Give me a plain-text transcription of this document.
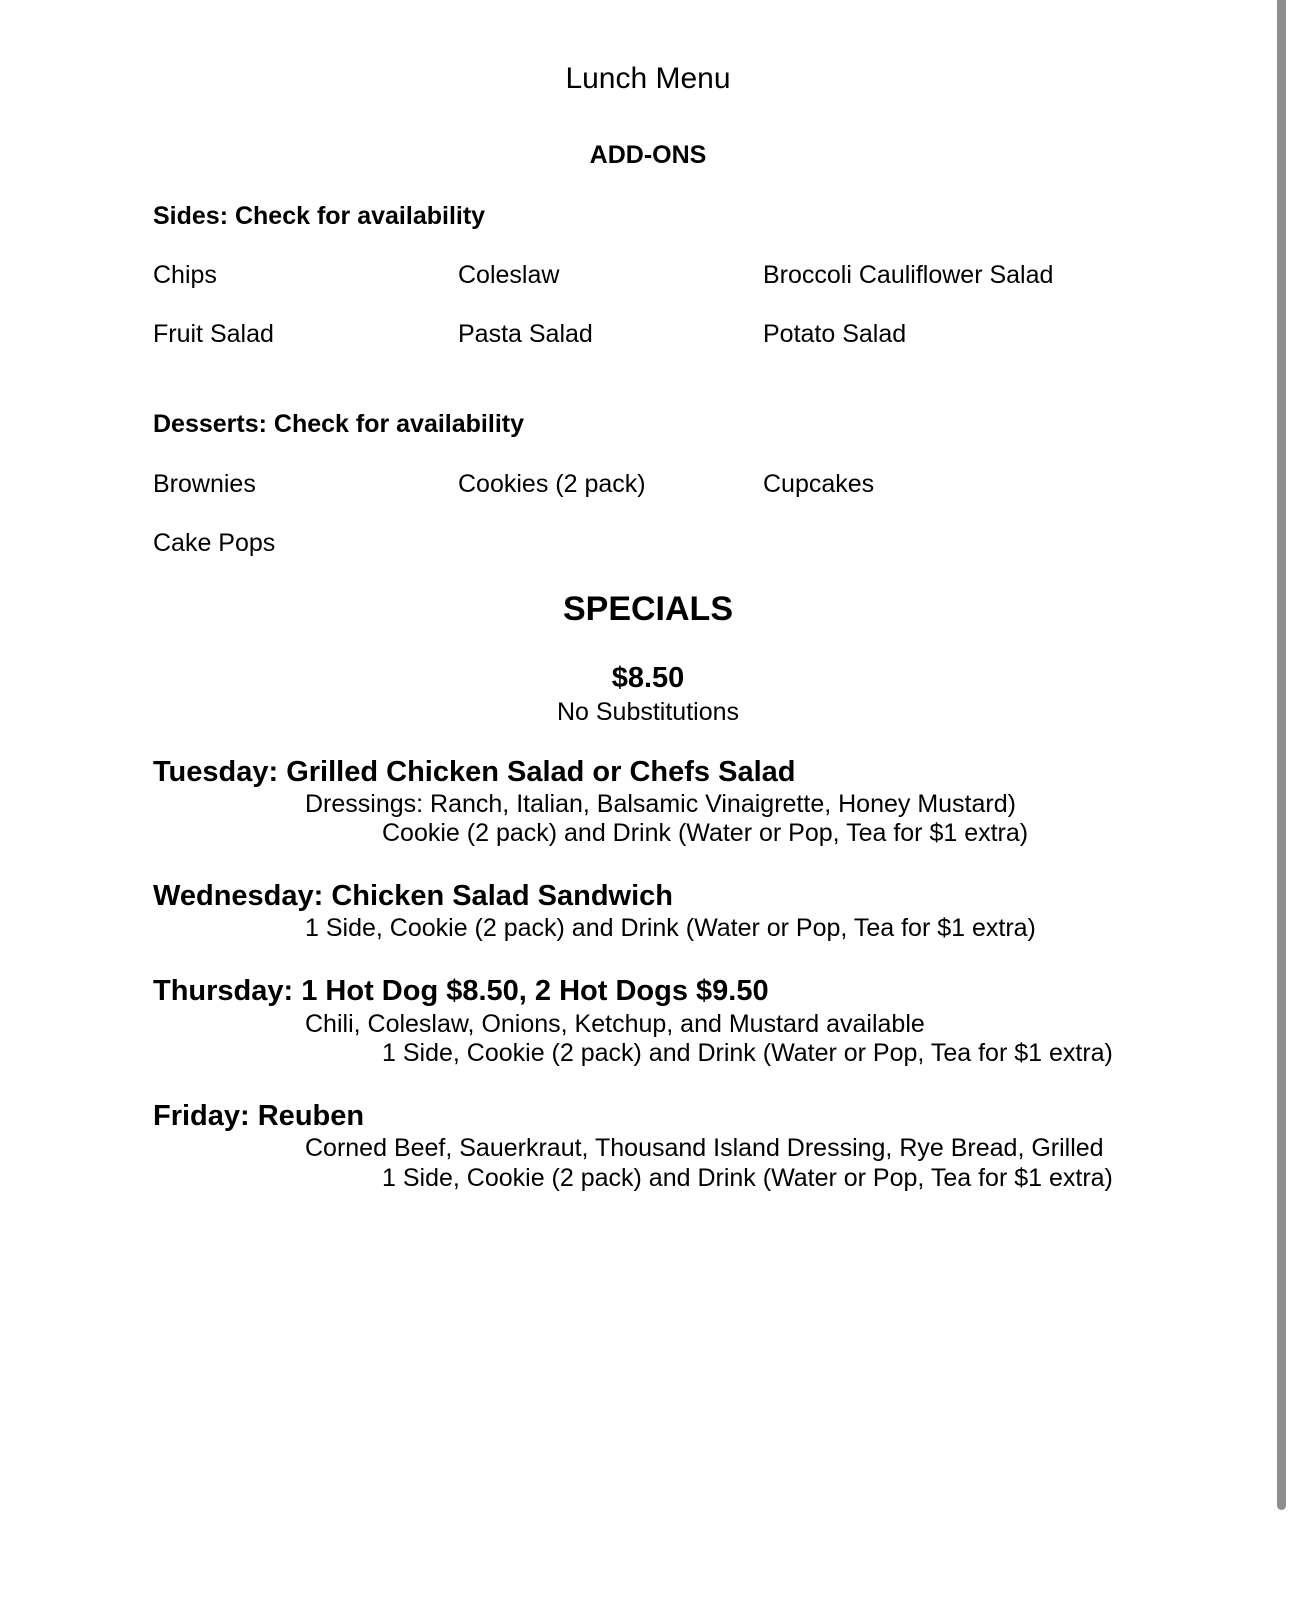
Lunch Menu
ADD-ONS
Sides: Check for availability
Chips	Coleslaw	Broccoli Cauliflower Salad
Fruit Salad	Pasta Salad	Potato Salad
Desserts: Check for availability
Brownies	Cookies (2 pack)	Cupcakes
Cake Pops
SPECIALS
$8.50
No Substitutions
Tuesday: Grilled Chicken Salad or Chefs Salad
Dressings: Ranch, Italian, Balsamic Vinaigrette, Honey Mustard)
Cookie (2 pack) and Drink (Water or Pop, Tea for $1 extra)
Wednesday: Chicken Salad Sandwich
1 Side, Cookie (2 pack) and Drink (Water or Pop, Tea for $1 extra)
Thursday: 1 Hot Dog $8.50, 2 Hot Dogs $9.50
Chili, Coleslaw, Onions, Ketchup, and Mustard available
1 Side, Cookie (2 pack) and Drink (Water or Pop, Tea for $1 extra)
Friday: Reuben
Corned Beef, Sauerkraut, Thousand Island Dressing, Rye Bread, Grilled
1 Side, Cookie (2 pack) and Drink (Water or Pop, Tea for $1 extra)
